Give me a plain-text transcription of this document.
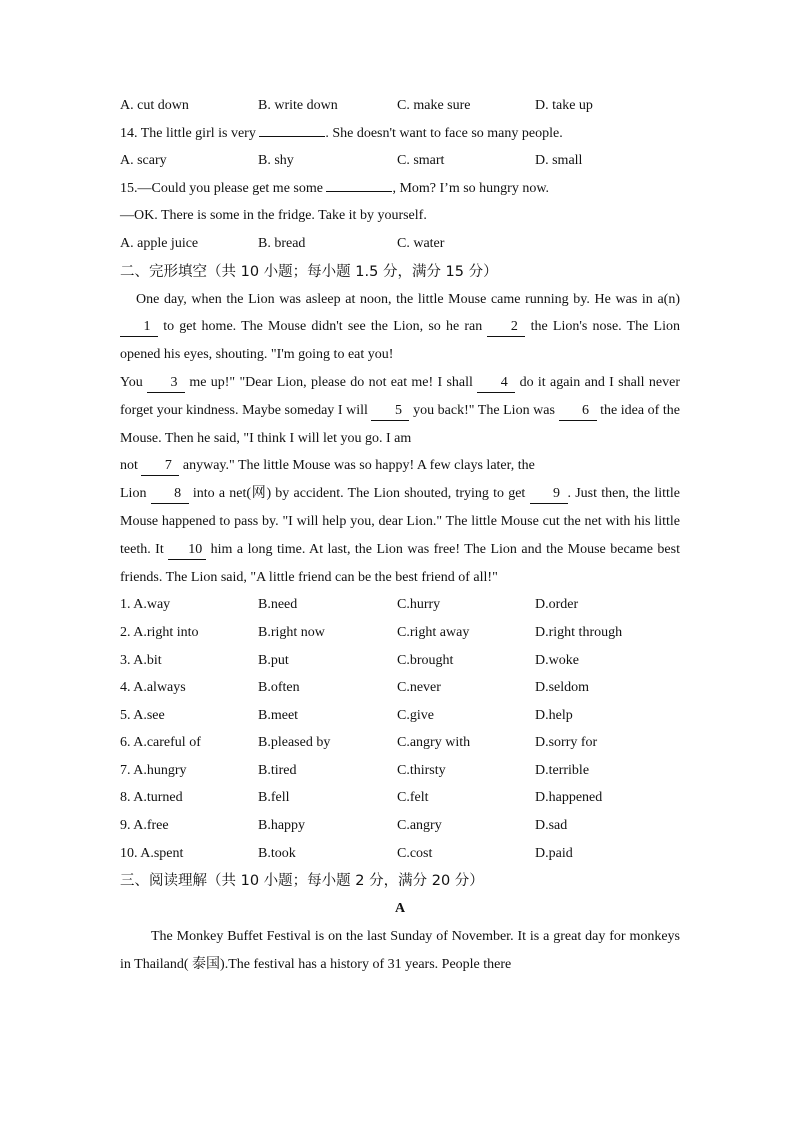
A. cut down	B. write down	C. make sure	D. take up
14. The little girl is very	. She doesn't want to face so many people.
A. scary	B. shy	C. smart	D. small
15.—Could you please get me some	, Mom? I’m so hungry now.
—OK. There is some in the fridge. Take it by yourself.
A. apple juice	B. bread	C. water
二、完形填空（共 10 小题；每小题 1.5 分，满分 15 分）
One day, when the Lion was asleep at noon, the little Mouse came running by. He was in a(n) 1 to get home. The Mouse didn't see the Lion, so he ran 2 the Lion's nose. The Lion opened his eyes, shouting. "I'm going to eat you!
You 3 me up!" "Dear Lion, please do not eat me! I shall 4 do it again and I shall never forget your kindness. Maybe someday I will 5 you back!" The Lion was 6 the idea of the Mouse. Then he said, "I think I will let you go. I am
not 7 anyway." The little Mouse was so happy! A few clays later, the
Lion 8 into a net(网) by accident. The Lion shouted, trying to get 9 . Just then, the little Mouse happened to pass by. "I will help you, dear Lion." The little Mouse cut the net with his little teeth. It 10 him a long time. At last, the Lion was free! The Lion and the Mouse became best friends. The Lion said, "A little friend can be the best friend of all!"
1. A.way	B.need	C.hurry	D.order
2. A.right into	B.right now	C.right away	D.right through
3. A.bit	B.put	C.brought	D.woke
4. A.always	B.often	C.never	D.seldom
5. A.see	B.meet	C.give	D.help
6. A.careful of	B.pleased by	C.angry with	D.sorry for
7. A.hungry	B.tired	C.thirsty	D.terrible
8. A.turned	B.fell	C.felt	D.happened
9. A.free	B.happy	C.angry	D.sad
10. A.spent	B.took	C.cost	D.paid
三、阅读理解（共 10 小题；每小题 2 分，满分 20 分）
A
The Monkey Buffet Festival is on the last Sunday of November. It is a great day for monkeys in Thailand( 泰国).The festival has a history of 31 years. People there
